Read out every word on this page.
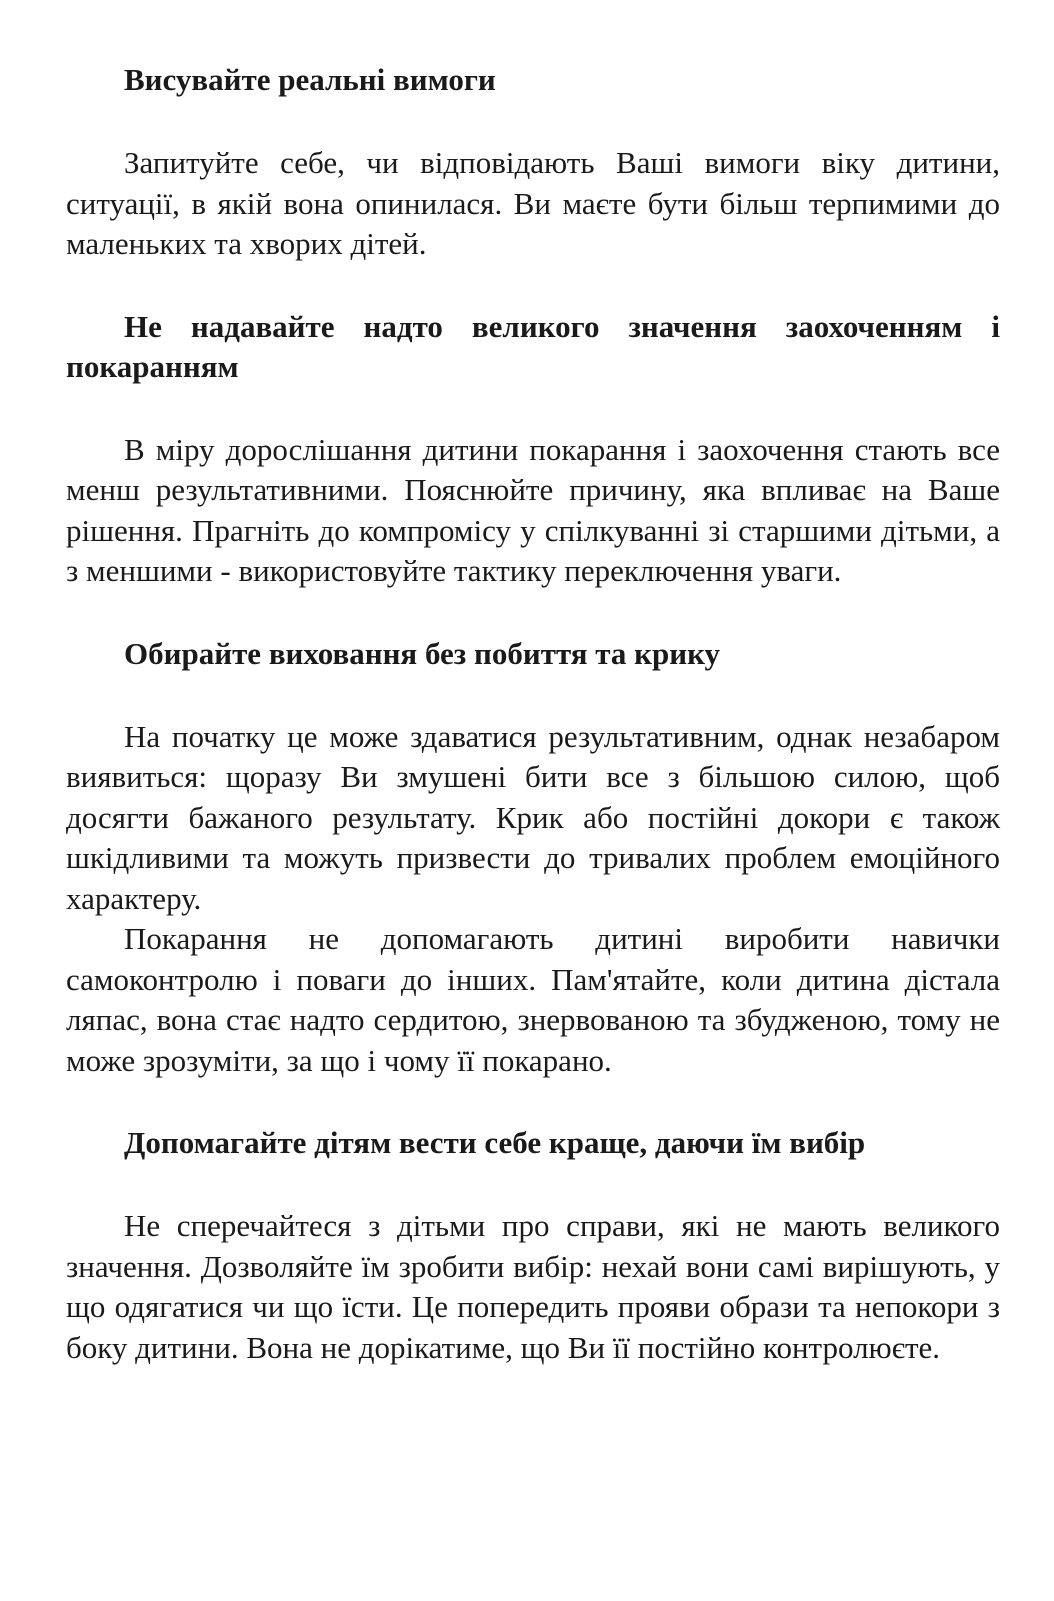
Висувайте реальні вимоги

Запитуйте себе, чи відповідають Ваші вимоги віку дитини, ситуації, в якій вона опинилася. Ви маєте бути більш терпимими до маленьких та хворих дітей.

Не надавайте надто великого значення заохоченням і покаранням

В міру дорослішання дитини покарання і заохочення стають все менш результативними. Пояснюйте причину, яка впливає на Ваше рішення. Прагніть до компромісу у спілкуванні зі старшими дітьми, а з меншими - використовуйте тактику переключення уваги.

Обирайте виховання без побиття та крику

На початку це може здаватися результативним, однак незабаром виявиться: щоразу Ви змушені бити все з більшою силою, щоб досягти бажаного результату. Крик або постійні докори є також шкідливими та можуть призвести до тривалих проблем емоційного характеру.

Покарання не допомагають дитині виробити навички самоконтролю і поваги до інших. Пам'ятайте, коли дитина дістала ляпас, вона стає надто сердитою, знервованою та збудженою, тому не може зрозуміти, за що і чому її покарано.

Допомагайте дітям вести себе краще, даючи їм вибір

Не сперечайтеся з дітьми про справи, які не мають великого значення. Дозволяйте їм зробити вибір: нехай вони самі вирішують, у що одягатися чи що їсти. Це попередить прояви образи та непокори з боку дитини. Вона не дорікатиме, що Ви її постійно контролюєте.
